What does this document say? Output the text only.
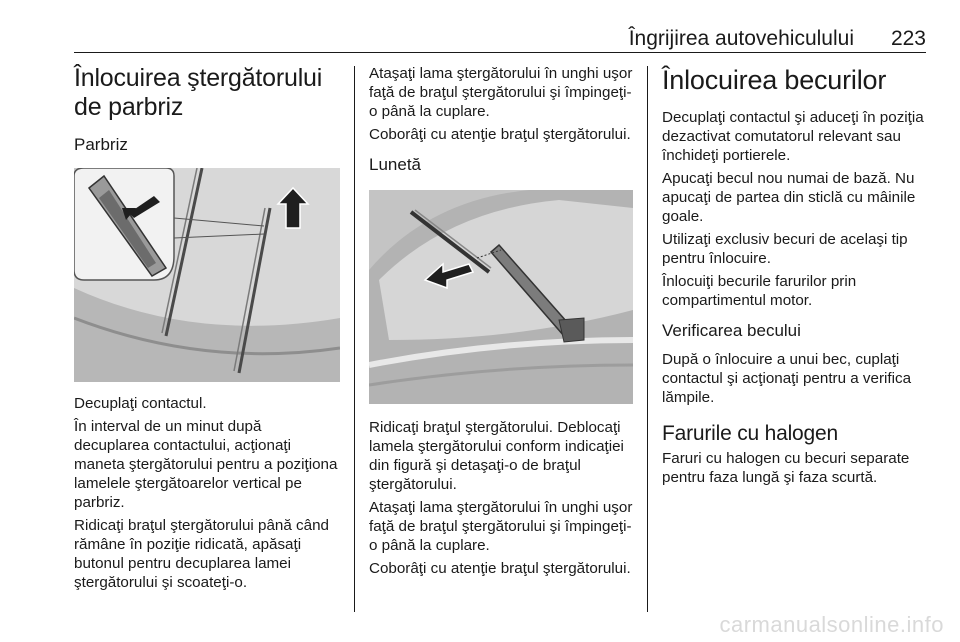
Îngrijirea autovehiculului 223
Înlocuirea ştergătorului de parbriz
Parbriz
Decuplaţi contactul.
În interval de un minut după decuplarea contactului, acţionaţi maneta ştergătorului pentru a poziţiona lamelele ştergătoarelor vertical pe parbriz.
Ridicaţi braţul ştergătorului până când rămâne în poziţie ridicată, apăsaţi butonul pentru decuplarea lamei ştergătorului şi scoateţi-o.
Ataşaţi lama ştergătorului în unghi uşor faţă de braţul ştergătorului şi împingeţi-o până la cuplare.
Coborâţi cu atenţie braţul ştergătorului.
Lunetă
Ridicaţi braţul ştergătorului. Deblocaţi lamela ştergătorului conform indicaţiei din figură şi detaşaţi-o de braţul ştergătorului.
Ataşaţi lama ştergătorului în unghi uşor faţă de braţul ştergătorului şi împingeţi-o până la cuplare.
Coborâţi cu atenţie braţul ştergătorului.
Înlocuirea becurilor
Decuplaţi contactul şi aduceţi în poziţia dezactivat comutatorul relevant sau închideţi portierele.
Apucaţi becul nou numai de bază. Nu apucaţi de partea din sticlă cu mâinile goale.
Utilizaţi exclusiv becuri de acelaşi tip pentru înlocuire.
Înlocuiţi becurile farurilor prin compartimentul motor.
Verificarea becului
După o înlocuire a unui bec, cuplaţi contactul şi acţionaţi pentru a verifica lămpile.
Farurile cu halogen
Faruri cu halogen cu becuri separate pentru faza lungă şi faza scurtă.
carmanualsonline.info
